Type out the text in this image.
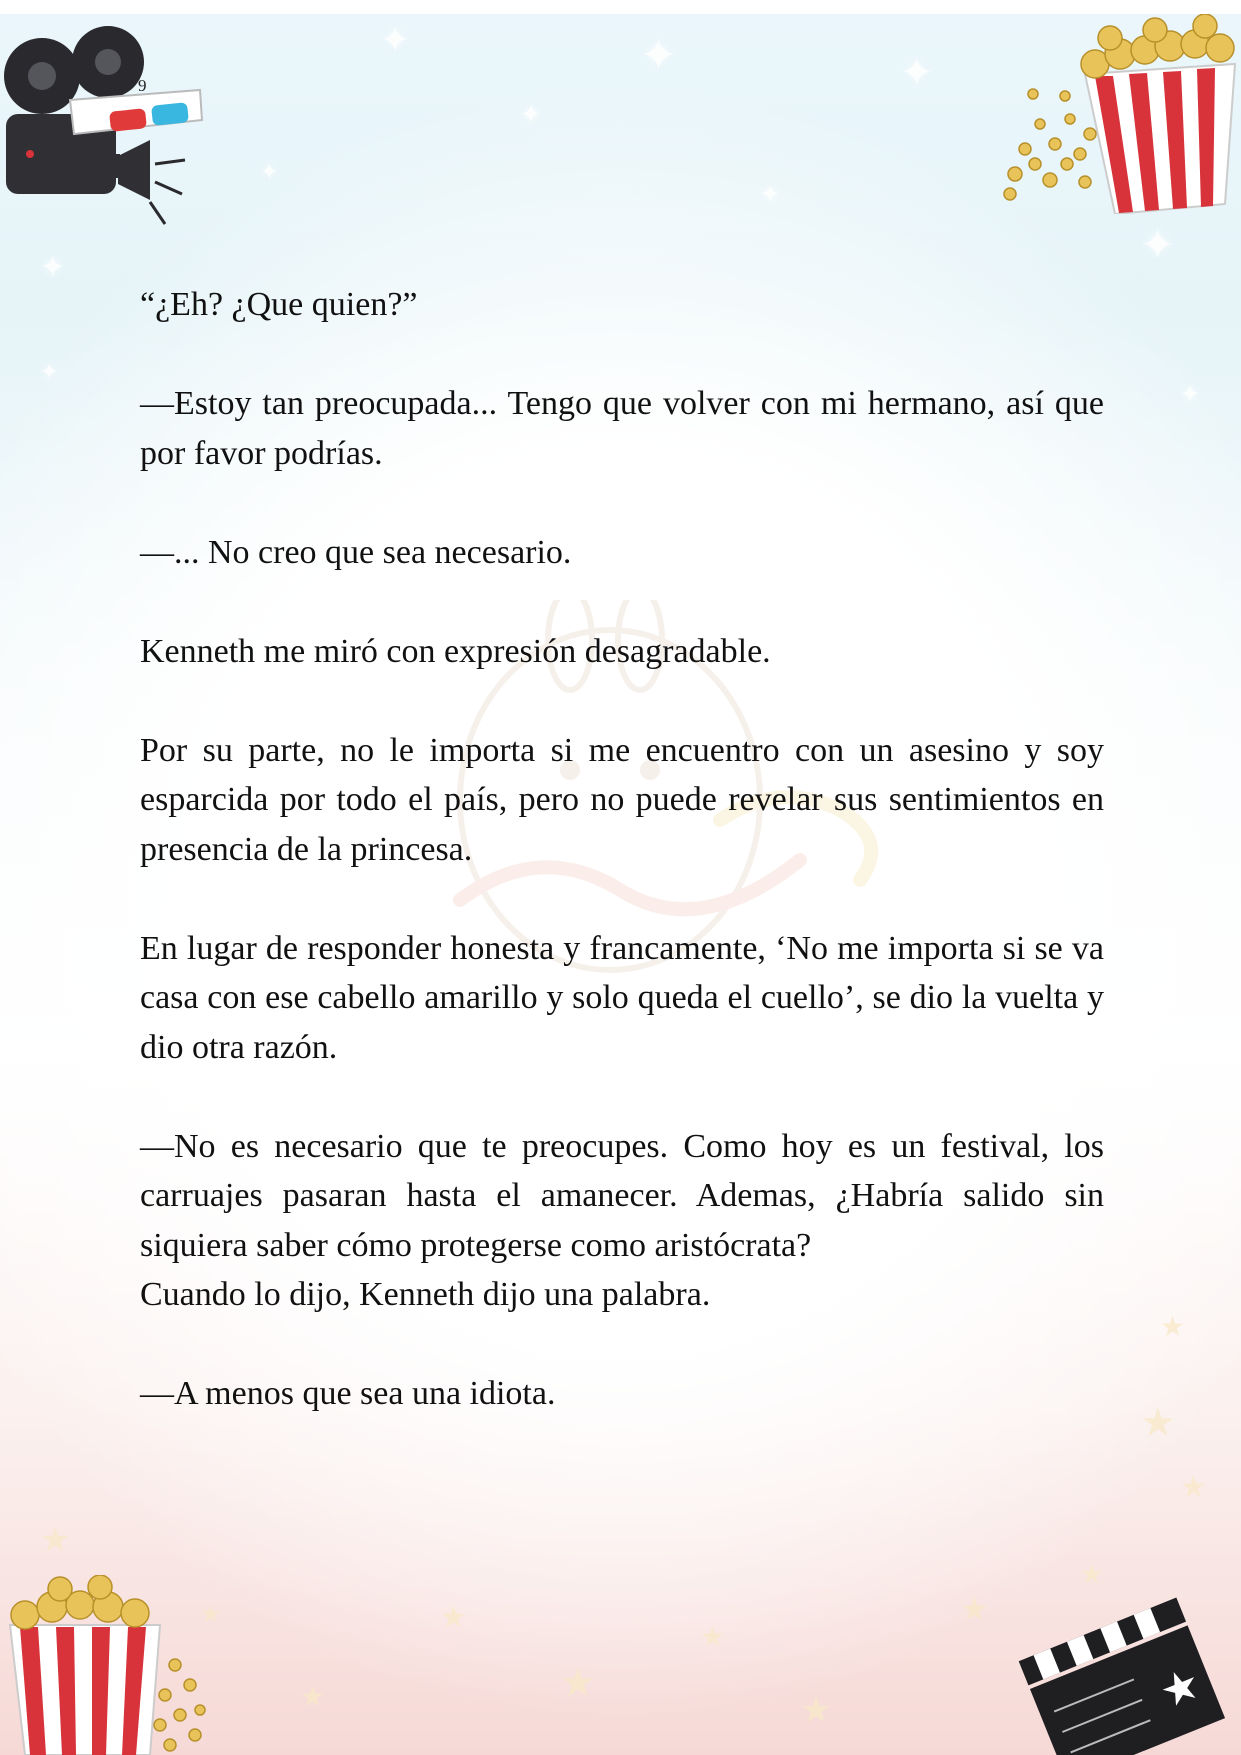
✦	✦	✦
✦
✦
✦
✦
✦
✦
✦
★
★
★
★
★
★
★
★
★
★
★
★
9
★

“¿Eh? ¿Que quien?”

—Estoy tan preocupada... Tengo que volver con mi hermano, así que por favor podrías.

—... No creo que sea necesario.

Kenneth me miró con expresión desagradable.

Por su parte, no le importa si me encuentro con un asesino y soy esparcida por todo el país, pero no puede revelar sus sentimientos en presencia de la princesa.

En lugar de responder honesta y francamente, ‘No me importa si se va casa con ese cabello amarillo y solo queda el cuello’, se dio la vuelta y dio otra razón.

—No es necesario que te preocupes. Como hoy es un festival, los carruajes pasaran hasta el amanecer. Ademas, ¿Habría salido sin siquiera saber cómo protegerse como aristócrata?
Cuando lo dijo, Kenneth dijo una palabra.

—A menos que sea una idiota.
